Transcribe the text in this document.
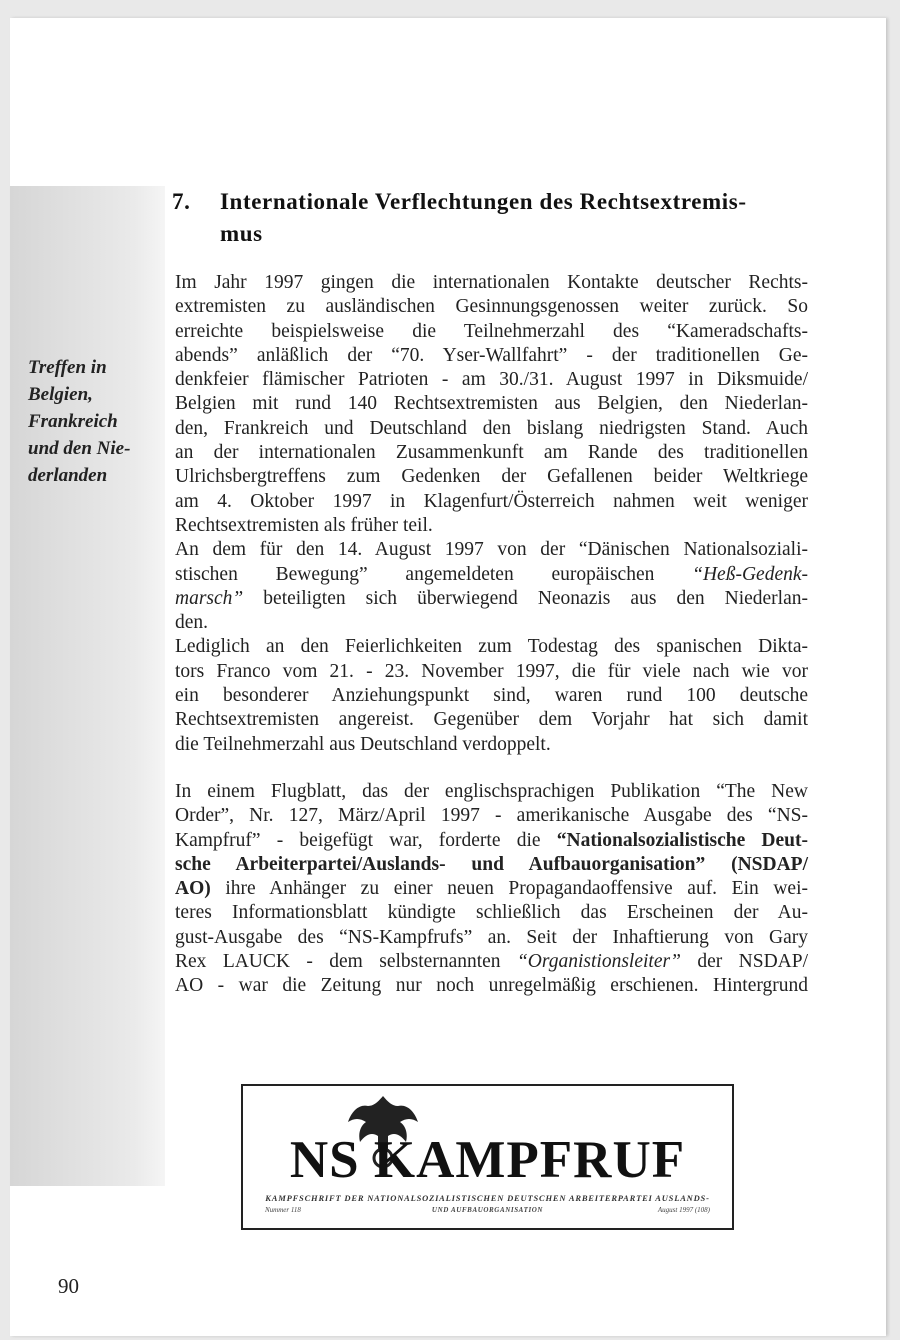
Treffen in
Belgien,
Frankreich
und den Nie-
derlanden
7. Internationale Verflechtungen des Rechtsextremis-
mus

Im Jahr 1997 gingen die internationalen Kontakte deutscher Rechts-
extremisten zu ausländischen Gesinnungsgenossen weiter zurück. So
erreichte beispielsweise die Teilnehmerzahl des “Kameradschafts-
abends” anläßlich der “70. Yser-Wallfahrt” - der traditionellen Ge-
denkfeier flämischer Patrioten - am 30./31. August 1997 in Diksmuide/
Belgien mit rund 140 Rechtsextremisten aus Belgien, den Niederlan-
den, Frankreich und Deutschland den bislang niedrigsten Stand. Auch
an der internationalen Zusammenkunft am Rande des traditionellen
Ulrichsbergtreffens zum Gedenken der Gefallenen beider Weltkriege
am 4. Oktober 1997 in Klagenfurt/Österreich nahmen weit weniger
Rechtsextremisten als früher teil.

An dem für den 14. August 1997 von der “Dänischen Nationalsoziali-
stischen Bewegung” angemeldeten europäischen “Heß-Gedenk-
marsch” beteiligten sich überwiegend Neonazis aus den Niederlan-
den.

Lediglich an den Feierlichkeiten zum Todestag des spanischen Dikta-
tors Franco vom 21. - 23. November 1997, die für viele nach wie vor
ein besonderer Anziehungspunkt sind, waren rund 100 deutsche
Rechtsextremisten angereist. Gegenüber dem Vorjahr hat sich damit
die Teilnehmerzahl aus Deutschland verdoppelt.

In einem Flugblatt, das der englischsprachigen Publikation “The New
Order”, Nr. 127, März/April 1997 - amerikanische Ausgabe des “NS-
Kampfruf” - beigefügt war, forderte die “Nationalsozialistische Deut-
sche Arbeiterpartei/Auslands- und Aufbauorganisation” (NSDAP/
AO) ihre Anhänger zu einer neuen Propagandaoffensive auf. Ein wei-
teres Informationsblatt kündigte schließlich das Erscheinen der Au-
gust-Ausgabe des “NS-Kampfrufs” an. Seit der Inhaftierung von Gary
Rex LAUCK - dem selbsternannten “Organistionsleiter” der NSDAP/
AO - war die Zeitung nur noch unregelmäßig erschienen. Hintergrund

NS KAMPFRUF
KAMPFSCHRIFT DER NATIONALSOZIALISTISCHEN DEUTSCHEN ARBEITERPARTEI AUSLANDS-
Nummer 118	UND AUFBAUORGANISATION	August 1997 (108)
90
